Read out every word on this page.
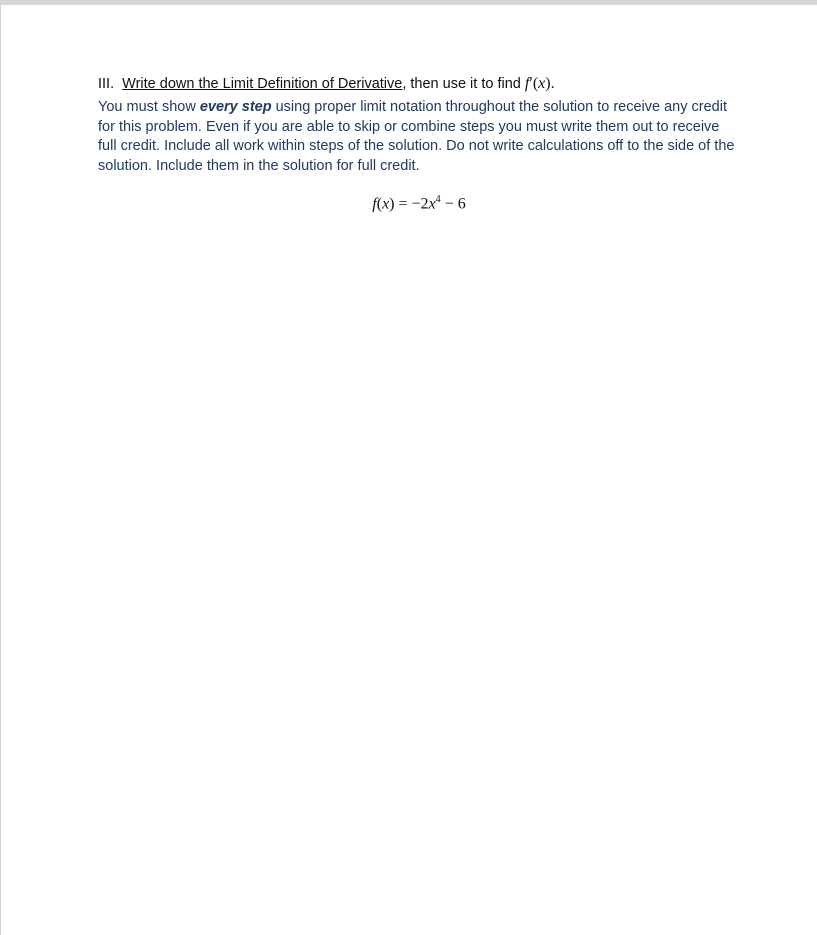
III. Write down the Limit Definition of Derivative, then use it to find f′(x).

You must show every step using proper limit notation throughout the solution to receive any credit for this problem. Even if you are able to skip or combine steps you must write them out to receive full credit. Include all work within steps of the solution. Do not write calculations off to the side of the solution. Include them in the solution for full credit.

$f(x) = -2x^4 - 6$
